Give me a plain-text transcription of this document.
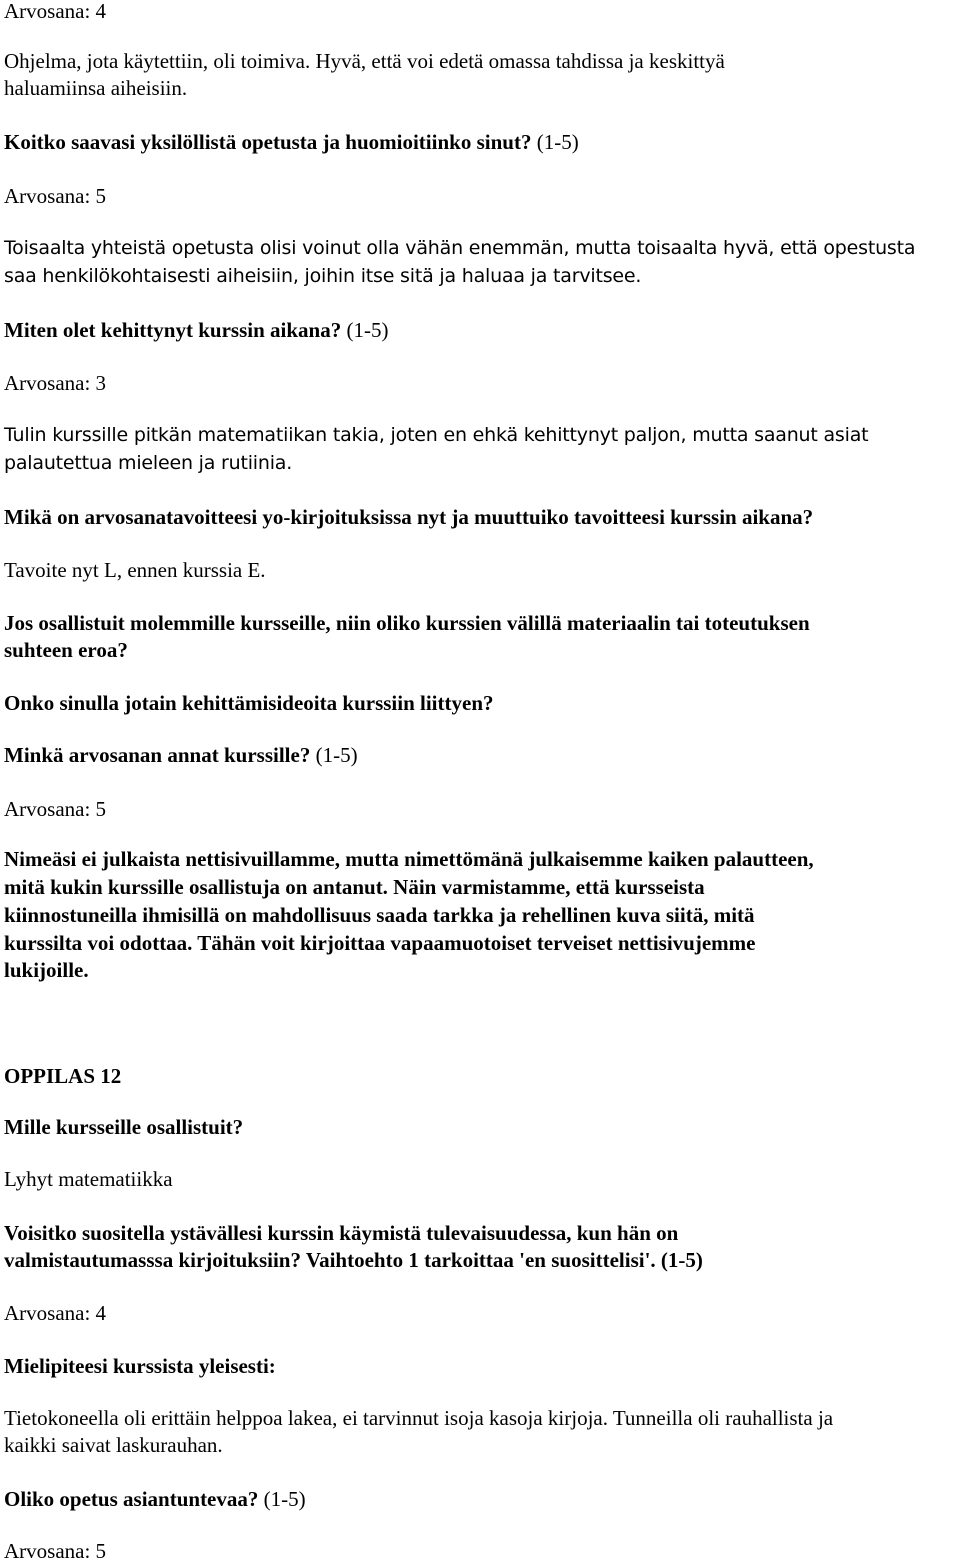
Arvosana: 4

Ohjelma, jota käytettiin, oli toimiva. Hyvä, että voi edetä omassa tahdissa ja keskittyä

haluamiinsa aiheisiin.

Koitko saavasi yksilöllistä opetusta ja huomioitiinko sinut? (1-5)

Arvosana: 5

Toisaalta yhteistä opetusta olisi voinut olla vähän enemmän, mutta toisaalta hyvä, että opestusta

saa henkilökohtaisesti aiheisiin, joihin itse sitä ja haluaa ja tarvitsee.

Miten olet kehittynyt kurssin aikana? (1-5)

Arvosana: 3

Tulin kurssille pitkän matematiikan takia, joten en ehkä kehittynyt paljon, mutta saanut asiat

palautettua mieleen ja rutiinia.

Mikä on arvosanatavoitteesi yo-kirjoituksissa nyt ja muuttuiko tavoitteesi kurssin aikana?

Tavoite nyt L, ennen kurssia E.

Jos osallistuit molemmille kursseille, niin oliko kurssien välillä materiaalin tai toteutuksen

suhteen eroa?

Onko sinulla jotain kehittämisideoita kurssiin liittyen?

Minkä arvosanan annat kurssille? (1-5)

Arvosana: 5

Nimeäsi ei julkaista nettisivuillamme, mutta nimettömänä julkaisemme kaiken palautteen,

mitä kukin kurssille osallistuja on antanut. Näin varmistamme, että kursseista

kiinnostuneilla ihmisillä on mahdollisuus saada tarkka ja rehellinen kuva siitä, mitä

kurssilta voi odottaa. Tähän voit kirjoittaa vapaamuotoiset terveiset nettisivujemme

lukijoille.

OPPILAS 12

Mille kursseille osallistuit?

Lyhyt matematiikka

Voisitko suositella ystävällesi kurssin käymistä tulevaisuudessa, kun hän on

valmistautumasssa kirjoituksiin? Vaihtoehto 1 tarkoittaa 'en suosittelisi'. (1-5)

Arvosana: 4

Mielipiteesi kurssista yleisesti:

Tietokoneella oli erittäin helppoa lakea, ei tarvinnut isoja kasoja kirjoja. Tunneilla oli rauhallista ja

kaikki saivat laskurauhan.

Oliko opetus asiantuntevaa? (1-5)

Arvosana: 5
